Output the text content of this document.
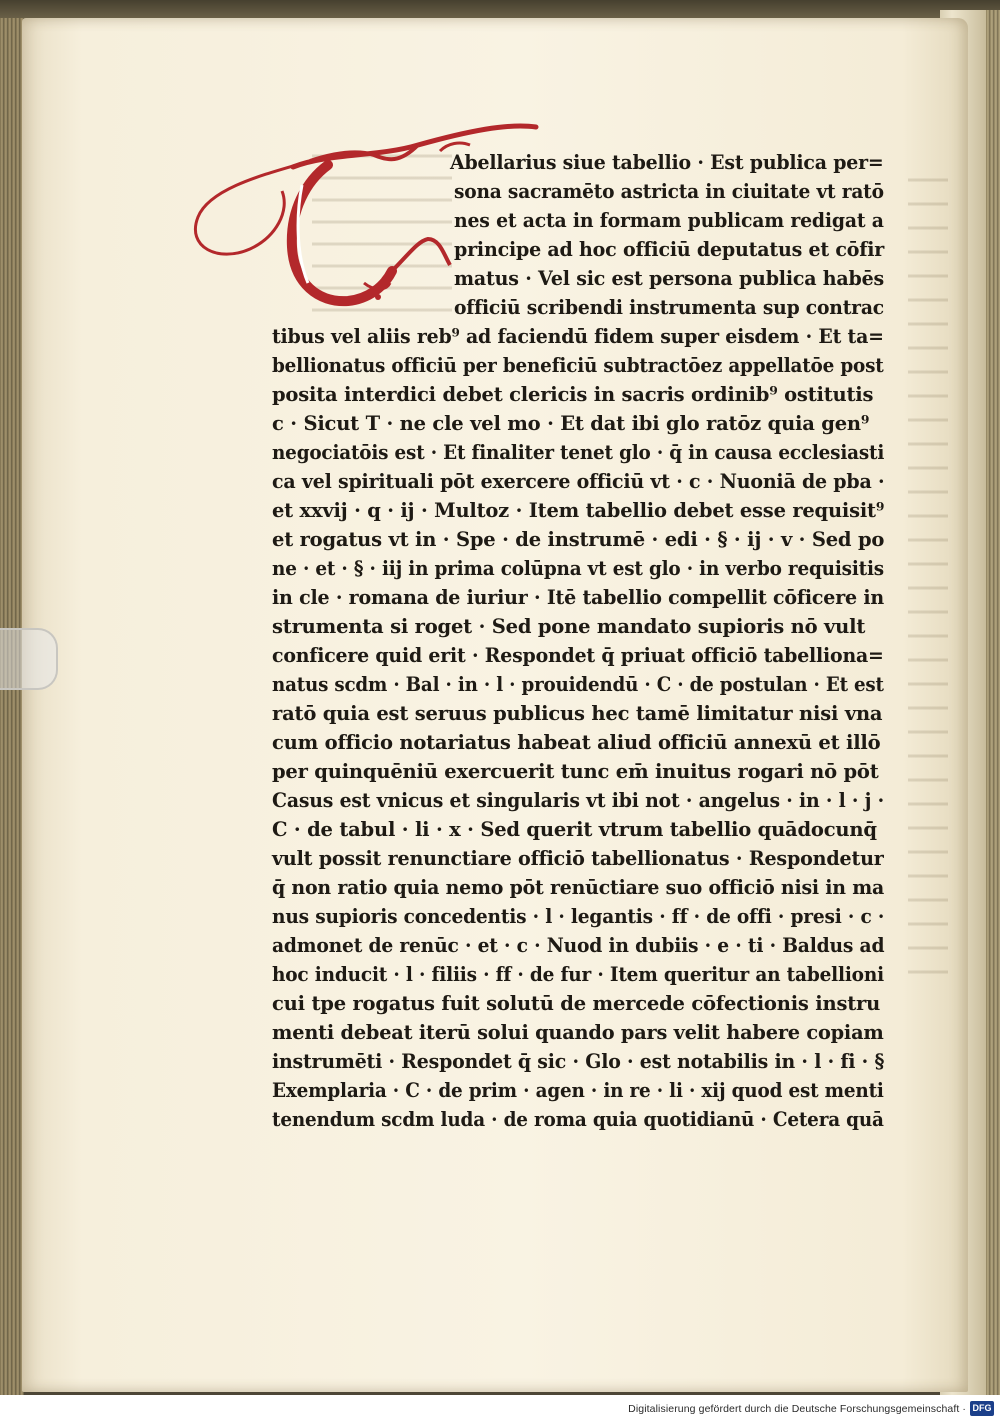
Abellarius siue tabellio · Est publica per=

sona sacramēto astricta in ciuitate vt ratō

nes et acta in formam publicam redigat a

principe ad hoc officiū deputatus et cōfir

matus · Vel sic est persona publica habēs

officiū scribendi instrumenta sup contrac

tibus vel aliis reb⁹ ad faciendū fidem super eisdem · Et ta=

bellionatus officiū per beneficiū subtractōez appellatōe post

posita interdici debet clericis in sacris ordinib⁹ ostitutis

c · Sicut T · ne cle vel mo · Et dat ibi glo ratōz quia gen⁹

negociatōis est · Et finaliter tenet glo · q̄ in causa ecclesiasti

ca vel spirituali pōt exercere officiū vt · c · Nuoniā de pba ·

et xxvij · q · ij · Multoz · Item tabellio debet esse requisit⁹

et rogatus vt in · Spe · de instrumē · edi · § · ij · v · Sed po

ne · et · § · iij in prima colūpna vt est glo · in verbo requisitis

in cle · romana de iuriur · Itē tabellio compellit cōficere in

strumenta si roget · Sed pone mandato supioris nō vult

conficere quid erit · Respondet q̄ priuat officiō tabelliona=

natus scdm · Bal · in · l · prouidendū · C · de postulan · Et est

ratō quia est seruus publicus hec tamē limitatur nisi vna

cum officio notariatus habeat aliud officiū annexū et illō

per quinquēniū exercuerit tunc em̄ inuitus rogari nō pōt

Casus est vnicus et singularis vt ibi not · angelus · in · l · j ·

C · de tabul · li · x · Sed querit vtrum tabellio quādocunq̄

vult possit renunctiare officiō tabellionatus · Respondetur

q̄ non ratio quia nemo pōt renūctiare suo officiō nisi in ma

nus supioris concedentis · l · legantis · ff · de offi · presi · c ·

admonet de renūc · et · c · Nuod in dubiis · e · ti · Baldus ad

hoc inducit · l · filiis · ff · de fur · Item queritur an tabellioni

cui tpe rogatus fuit solutū de mercede cōfectionis instru

menti debeat iterū solui quando pars velit habere copiam

instrumēti · Respondet q̄ sic · Glo · est notabilis in · l · fi · §

Exemplaria · C · de prim · agen · in re · li · xij quod est menti

tenendum scdm luda · de roma quia quotidianū · Cetera quā

Digitalisierung gefördert durch die Deutsche Forschungsgemeinschaft · DFG
